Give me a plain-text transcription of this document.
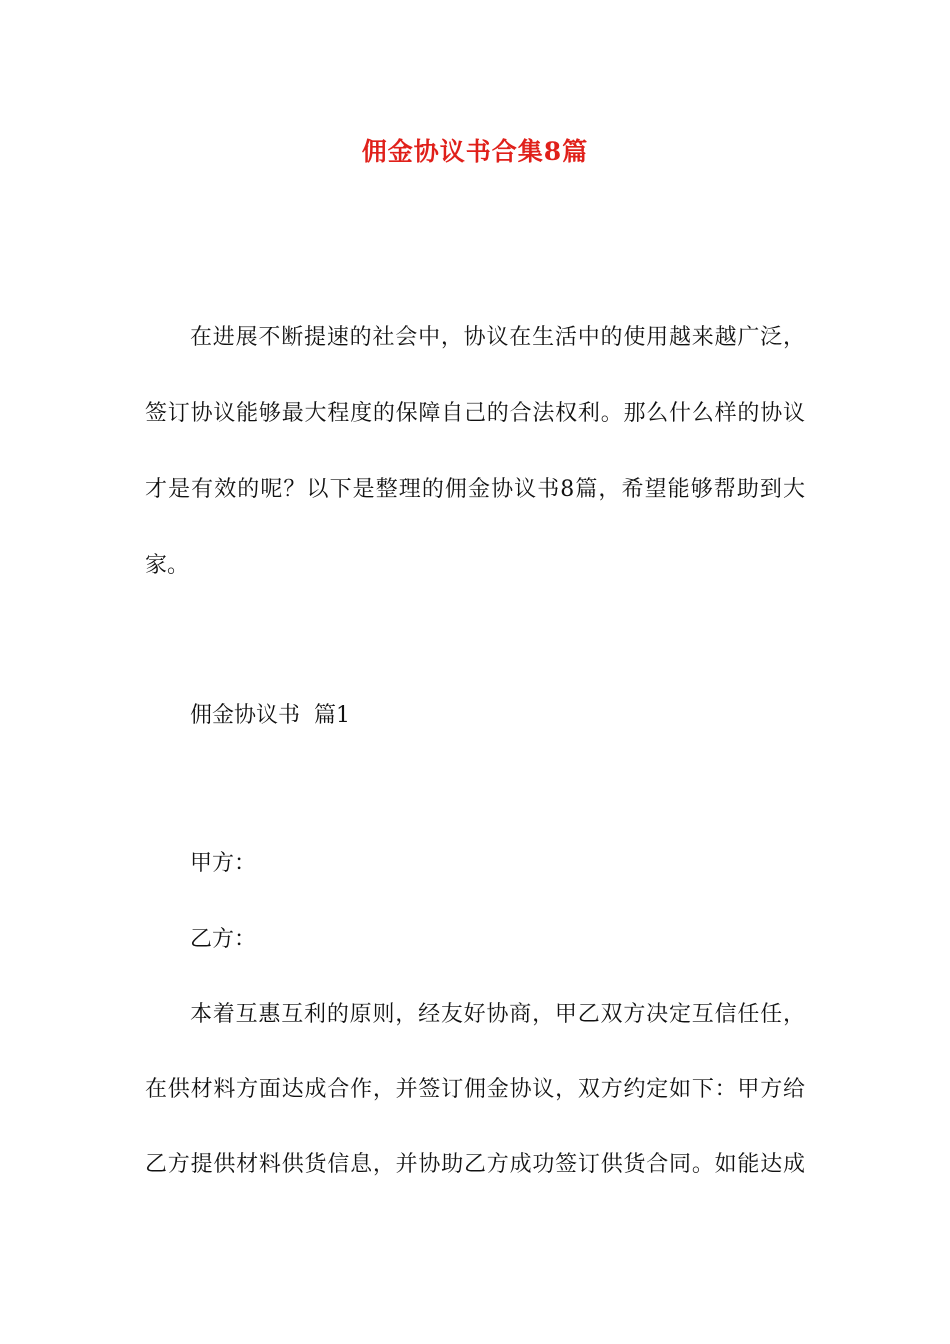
佣金协议书合集8篇
在进展不断提速的社会中，协议在生活中的使用越来越广泛，
签订协议能够最大程度的保障自己的合法权利。那么什么样的协议
才是有效的呢？以下是整理的佣金协议书8篇，希望能够帮助到大
家。
佣金协议书  篇1
甲方：
乙方：
本着互惠互利的原则，经友好协商，甲乙双方决定互信任任，
在供材料方面达成合作，并签订佣金协议，双方约定如下：甲方给
乙方提供材料供货信息，并协助乙方成功签订供货合同。如能达成
